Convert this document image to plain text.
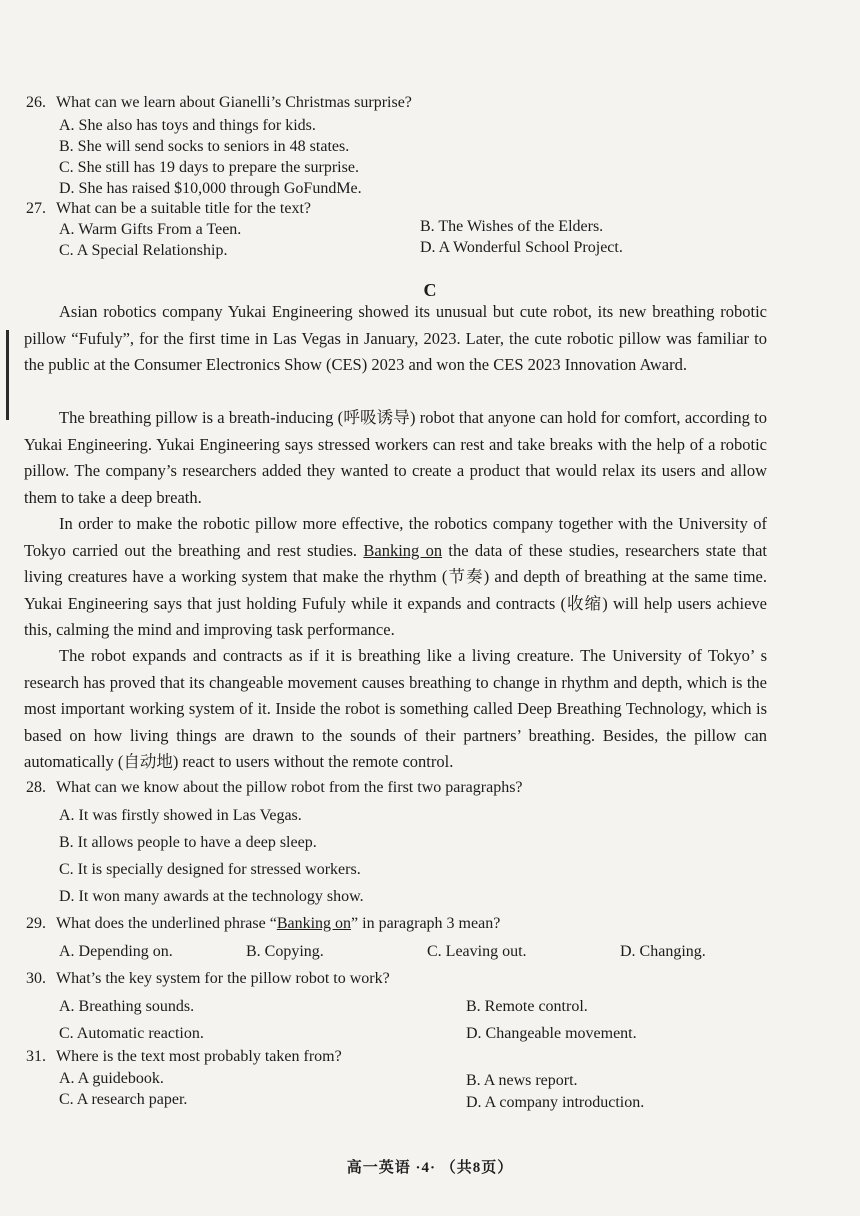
26. What can we learn about Gianelli’s Christmas surprise?
A. She also has toys and things for kids.
B. She will send socks to seniors in 48 states.
C. She still has 19 days to prepare the surprise.
D. She has raised $10,000 through GoFundMe.
27. What can be a suitable title for the text?
A. Warm Gifts From a Teen.	B. The Wishes of the Elders.
C. A Special Relationship.	D. A Wonderful School Project.
C
Asian robotics company Yukai Engineering showed its unusual but cute robot, its new breathing robotic pillow “Fufuly”, for the first time in Las Vegas in January, 2023. Later, the cute robotic pillow was familiar to the public at the Consumer Electronics Show (CES) 2023 and won the CES 2023 Innovation Award.
The breathing pillow is a breath-inducing (呼吸诱导) robot that anyone can hold for comfort, according to Yukai Engineering. Yukai Engineering says stressed workers can rest and take breaks with the help of a robotic pillow. The company’s researchers added they wanted to create a product that would relax its users and allow them to take a deep breath.
In order to make the robotic pillow more effective, the robotics company together with the University of Tokyo carried out the breathing and rest studies. Banking on the data of these studies, researchers state that living creatures have a working system that make the rhythm (节奏) and depth of breathing at the same time. Yukai Engineering says that just holding Fufuly while it expands and contracts (收缩) will help users achieve this, calming the mind and improving task performance.
The robot expands and contracts as if it is breathing like a living creature. The University of Tokyo’ s research has proved that its changeable movement causes breathing to change in rhythm and depth, which is the most important working system of it. Inside the robot is something called Deep Breathing Technology, which is based on how living things are drawn to the sounds of their partners’ breathing. Besides, the pillow can automatically (自动地) react to users without the remote control.
28. What can we know about the pillow robot from the first two paragraphs?
A. It was firstly showed in Las Vegas.
B. It allows people to have a deep sleep.
C. It is specially designed for stressed workers.
D. It won many awards at the technology show.
29. What does the underlined phrase “Banking on” in paragraph 3 mean?
A. Depending on.	B. Copying.	C. Leaving out.	D. Changing.
30. What’s the key system for the pillow robot to work?
A. Breathing sounds.	B. Remote control.
C. Automatic reaction.	D. Changeable movement.
31. Where is the text most probably taken from?
A. A guidebook.	B. A news report.
C. A research paper.	D. A company introduction.
高一英语 ·4· （共8页）
